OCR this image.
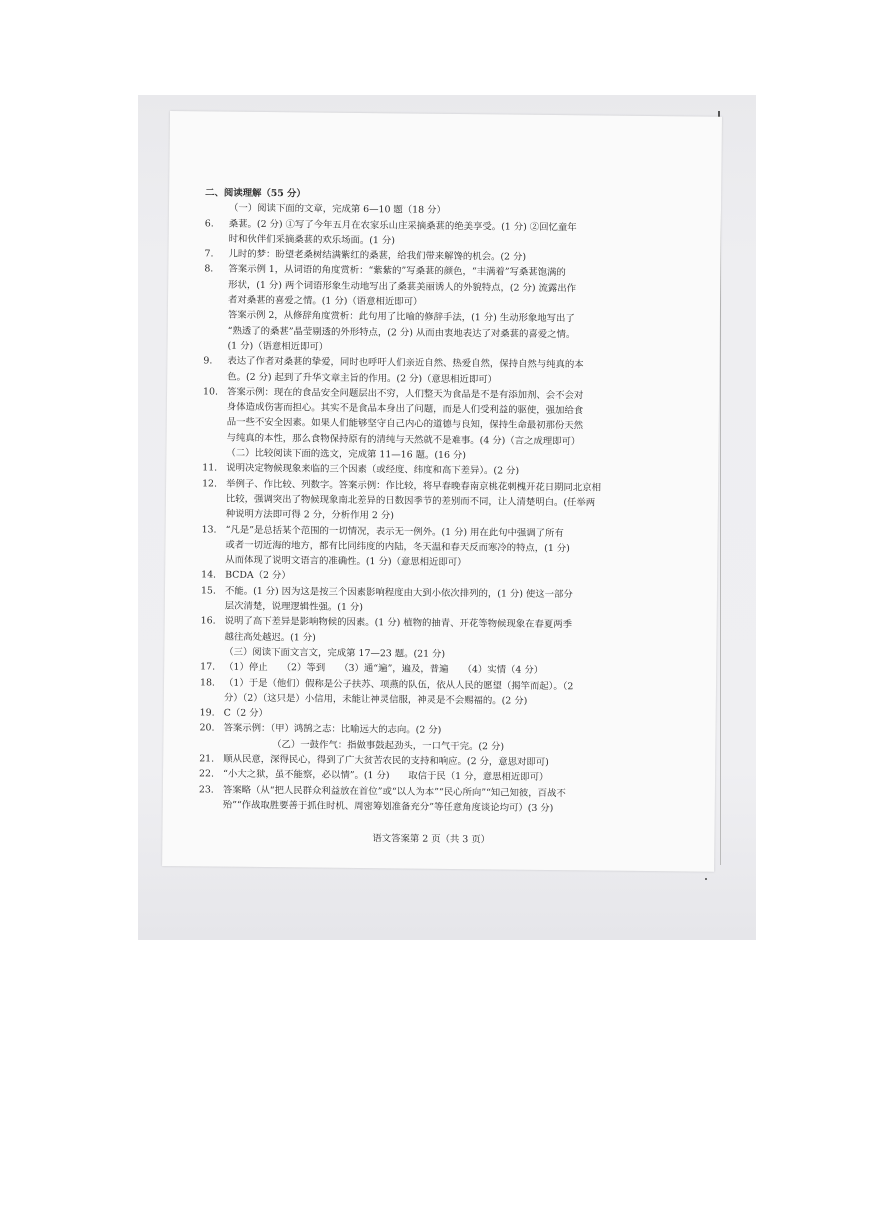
二、阅读理解（55 分）
（一）阅读下面的文章，完成第 6—10 题（18 分）
6. 桑葚。(2 分) ①写了今年五月在农家乐山庄采摘桑葚的绝美享受。(1 分) ②回忆童年
时和伙伴们采摘桑葚的欢乐场面。(1 分)
7. 儿时的梦：盼望老桑树结满紫红的桑葚，给我们带来解馋的机会。(2 分)
8. 答案示例 1，从词语的角度赏析：“紫紫的”写桑葚的颜色，“丰满着”写桑葚饱满的
形状，(1 分) 两个词语形象生动地写出了桑葚美丽诱人的外貌特点，(2 分) 流露出作
者对桑葚的喜爱之情。(1 分)（语意相近即可）
答案示例 2，从修辞角度赏析：此句用了比喻的修辞手法，(1 分) 生动形象地写出了
“熟透了的桑葚”晶莹剔透的外形特点，(2 分) 从而由衷地表达了对桑葚的喜爱之情。
(1 分)（语意相近即可）
9. 表达了作者对桑葚的挚爱，同时也呼吁人们亲近自然、热爱自然，保持自然与纯真的本
色。(2 分) 起到了升华文章主旨的作用。(2 分)（意思相近即可）
10. 答案示例：现在的食品安全问题层出不穷，人们整天为食品是不是有添加剂、会不会对
身体造成伤害而担心。其实不是食品本身出了问题，而是人们受利益的驱使，强加给食
品一些不安全因素。如果人们能够坚守自己内心的道德与良知，保持生命最初那份天然
与纯真的本性，那么食物保持原有的清纯与天然就不是难事。(4 分)（言之成理即可）
（二）比较阅读下面的选文，完成第 11—16 题。(16 分)
11. 说明决定物候现象来临的三个因素（或经度、纬度和高下差异）。(2 分)
12. 举例子、作比较、列数字。答案示例：作比较，将早春晚春南京桃花刺槐开花日期同北京相
比较，强调突出了物候现象南北差异的日数因季节的差别而不同，让人清楚明白。(任举两
种说明方法即可得 2 分，分析作用 2 分)
13. “凡是”是总括某个范围的一切情况，表示无一例外。(1 分) 用在此句中强调了所有
或者一切近海的地方，都有比同纬度的内陆，冬天温和春天反而寒冷的特点，(1 分)
从而体现了说明文语言的准确性。(1 分)（意思相近即可）
14. BCDA（2 分）
15. 不能。(1 分) 因为这是按三个因素影响程度由大到小依次排列的，(1 分) 使这一部分
层次清楚，说理逻辑性强。(1 分)
16. 说明了高下差异是影响物候的因素。(1 分) 植物的抽青、开花等物候现象在春夏两季
越往高处越迟。(1 分)
（三）阅读下面文言文，完成第 17—23 题。(21 分)
17. （1）停止　　（2）等到　　（3）通“遍”，遍及，普遍　　（4）实情（4 分）
18. （1）于是（他们）假称是公子扶苏、项燕的队伍，依从人民的愿望（揭竿而起）。（2
分）（2）（这只是）小信用，未能让神灵信服，神灵是不会赐福的。(2 分)
19. C（2 分）
20. 答案示例：（甲）鸿鹄之志：比喻远大的志向。(2 分)
　　　　（乙）一鼓作气：指做事鼓起劲头，一口气干完。(2 分)
21. 顺从民意，深得民心，得到了广大贫苦农民的支持和响应。(2 分，意思对即可)
22. “小大之狱，虽不能察，必以情”。(1 分)　　取信于民（1 分，意思相近即可）
23. 答案略（从“把人民群众利益放在首位”或“以人为本”“民心所向”“知己知彼，百战不
殆”“作战取胜要善于抓住时机、周密筹划准备充分”等任意角度谈论均可）(3 分)
语文答案第 2 页（共 3 页）
